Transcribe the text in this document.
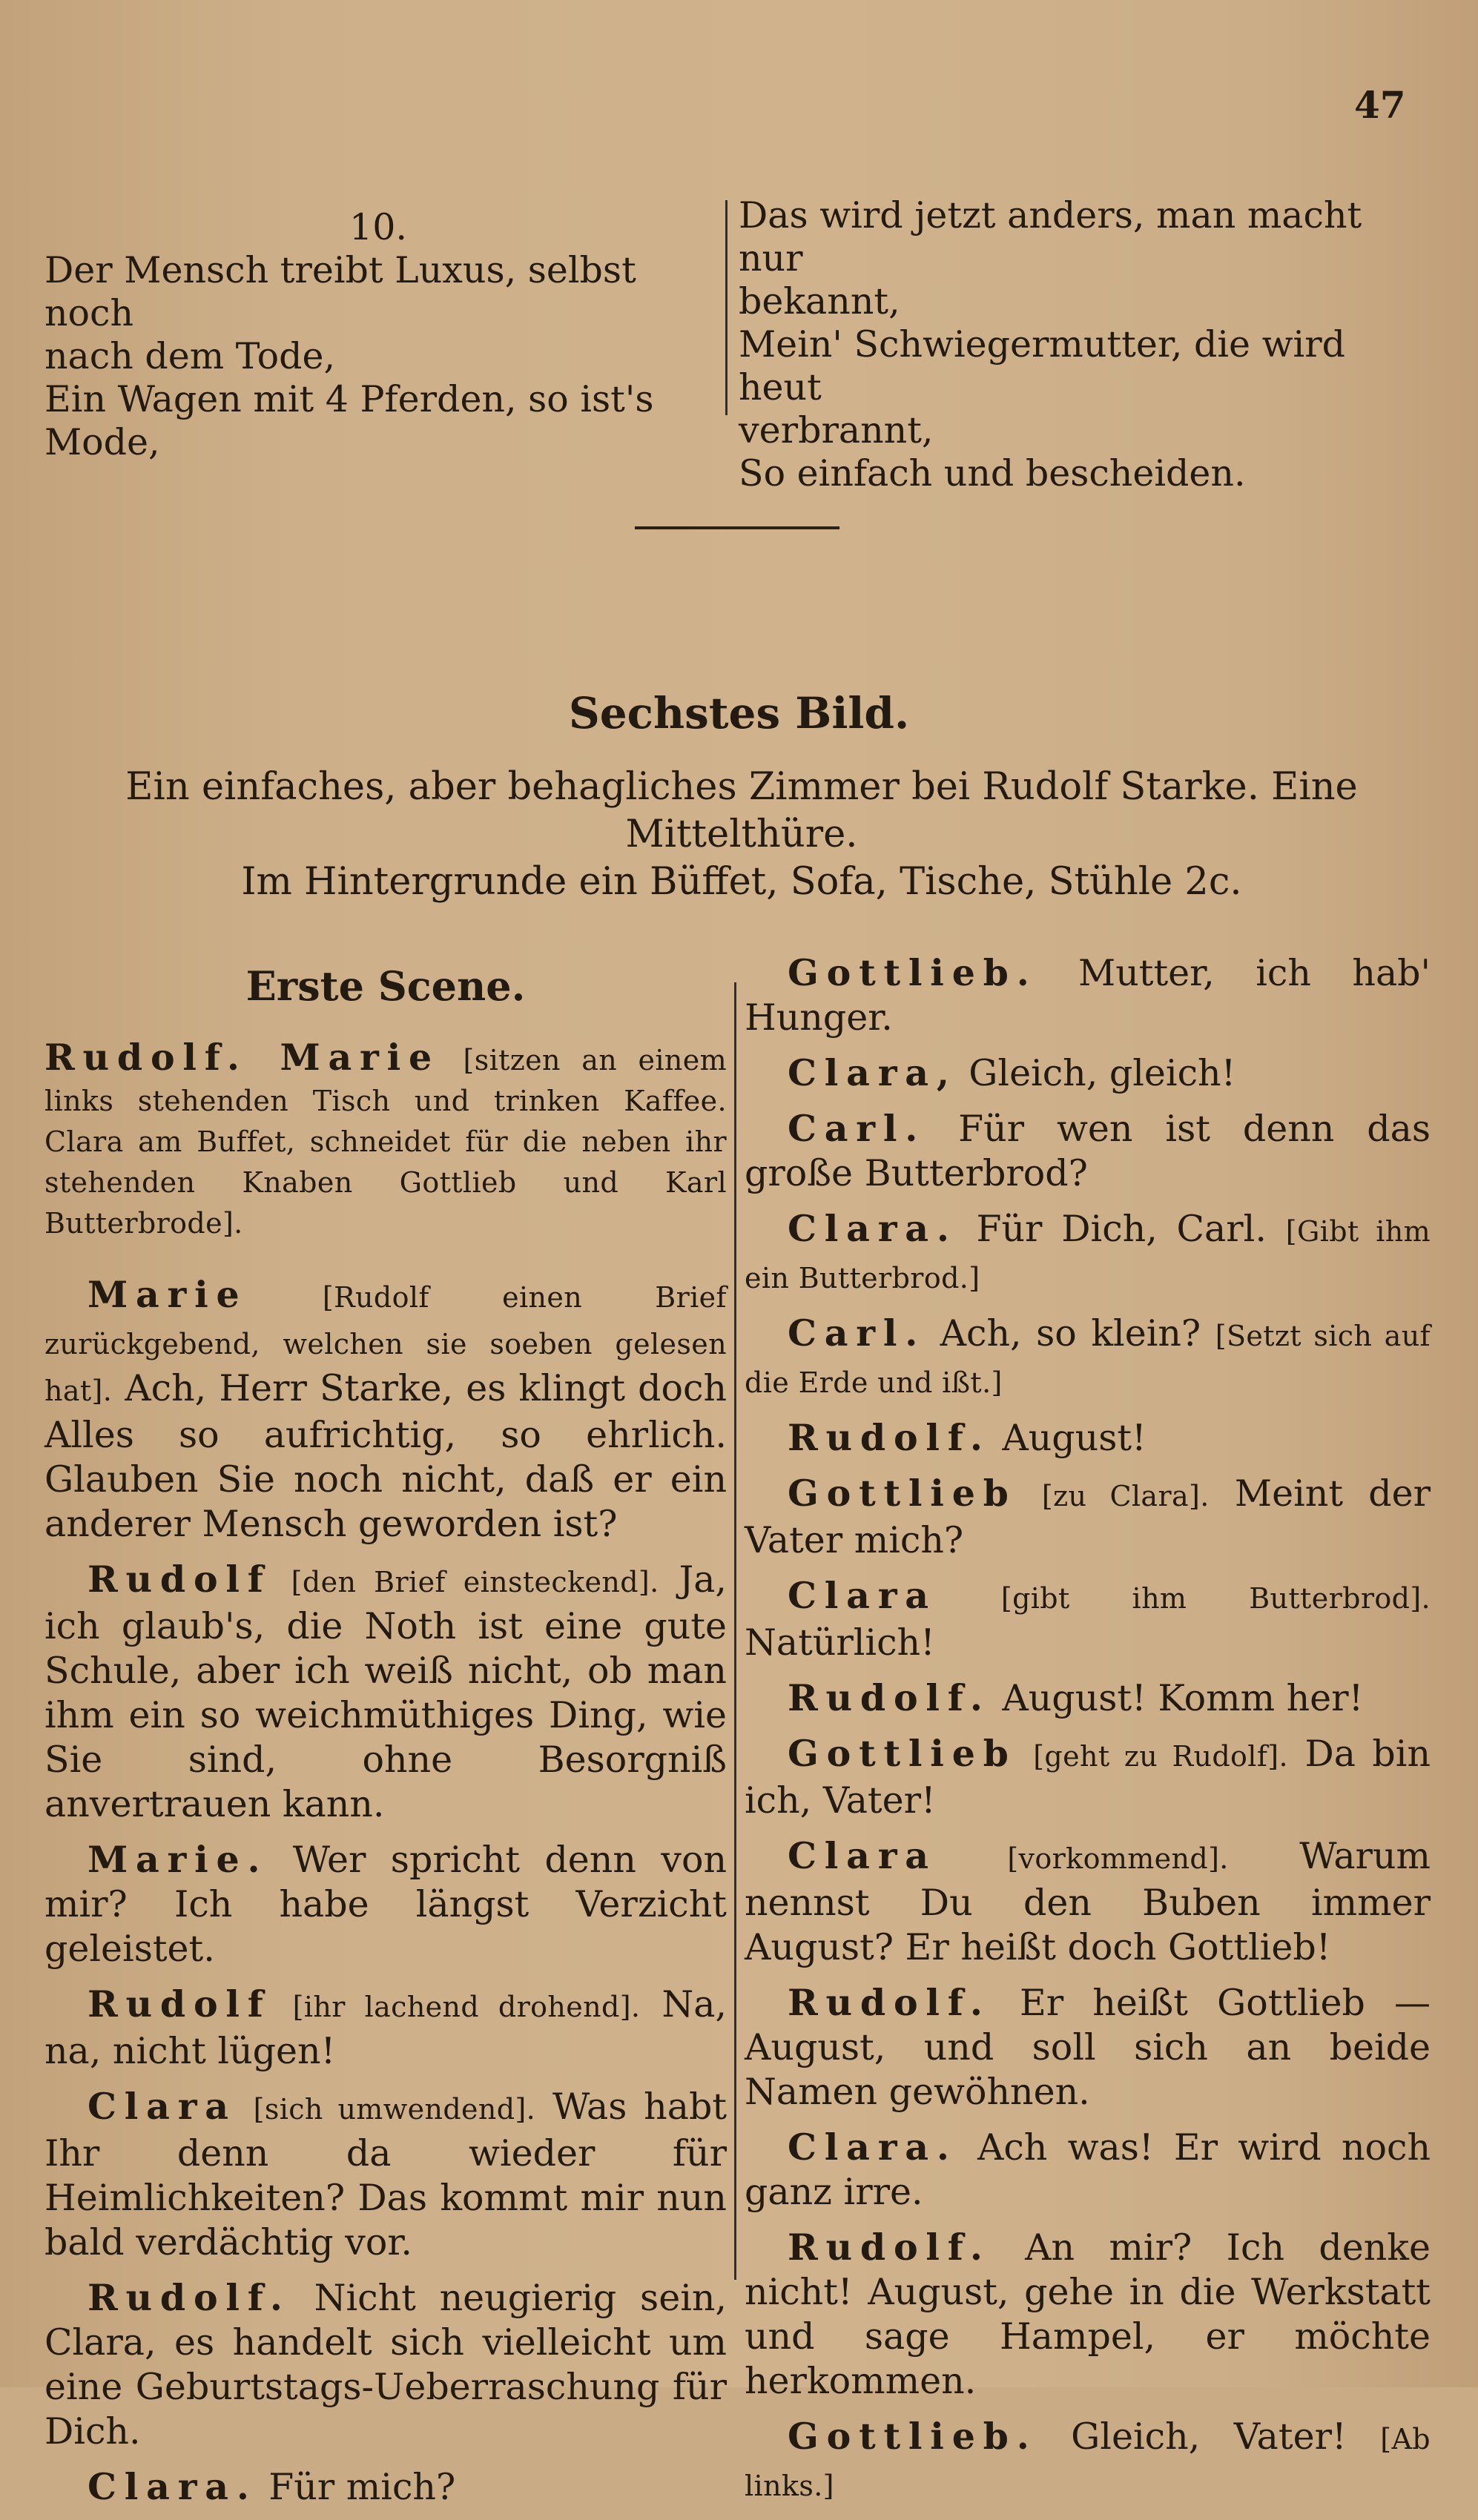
47
10.
Der Mensch treibt Luxus, selbst noch
nach dem Tode,
Ein Wagen mit 4 Pferden, so ist's
Mode,
Das wird jetzt anders, man macht nur
bekannt,
Mein' Schwiegermutter, die wird heut
verbrannt,
So einfach und bescheiden.
Sechstes Bild.
Ein einfaches, aber behagliches Zimmer bei Rudolf Starke. Eine Mittelthüre.
Im Hintergrunde ein Büffet, Sofa, Tische, Stühle 2c.
Erste Scene.

Rudolf. Marie [sitzen an einem links stehenden Tisch und trinken Kaffee. Clara am Buffet, schneidet für die neben ihr stehenden Knaben Gottlieb und Karl Butterbrode].

Marie	[Rudolf einen Brief zurückgebend, welchen sie soeben gelesen hat]. Ach, Herr Starke, es klingt doch Alles so aufrichtig, so ehrlich. Glauben Sie noch nicht, daß er ein anderer Mensch geworden ist?

Rudolf [den Brief einsteckend]. Ja, ich glaub's, die Noth ist eine gute Schule, aber ich weiß nicht, ob man ihm ein so weichmüthiges Ding, wie Sie sind, ohne Besorgniß anvertrauen kann.

Marie. Wer spricht denn von mir? Ich habe längst Verzicht geleistet.

Rudolf [ihr lachend drohend]. Na, na, nicht lügen!

Clara [sich umwendend]. Was habt Ihr denn da wieder für Heimlichkeiten? Das kommt mir nun bald verdächtig vor.

Rudolf. Nicht neugierig sein, Clara, es handelt sich vielleicht um eine Geburtstags-Ueberraschung für Dich.

Clara. Für mich?

Gottlieb. Mutter, ich hab' Hunger.

Clara, Gleich, gleich!

Carl. Für wen ist denn das große Butterbrod?

Clara. Für Dich, Carl. [Gibt ihm ein Butterbrod.]

Carl. Ach, so klein? [Setzt sich auf die Erde und ißt.]

Rudolf. August!

Gottlieb [zu Clara]. Meint der Vater mich?

Clara [gibt ihm Butterbrod]. Natürlich!

Rudolf. August! Komm her!

Gottlieb [geht zu Rudolf]. Da bin ich, Vater!

Clara	[vorkommend]. Warum nennst Du den Buben immer August? Er heißt doch Gottlieb!

Rudolf. Er heißt Gottlieb — August, und soll sich an beide Namen gewöhnen.

Clara. Ach was! Er wird noch ganz irre.

Rudolf. An mir? Ich denke nicht! August, gehe in die Werkstatt und sage Hampel, er möchte herkommen.

Gottlieb. Gleich, Vater! [Ab links.]
